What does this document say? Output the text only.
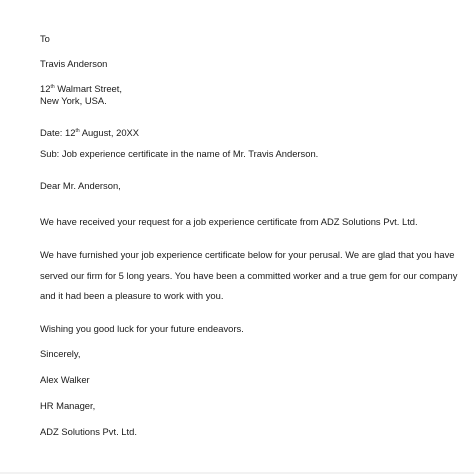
To
Travis Anderson
12th Walmart Street,
New York, USA.
Date: 12th August, 20XX
Sub: Job experience certificate in the name of Mr. Travis Anderson.
Dear Mr. Anderson,
We have received your request for a job experience certificate from ADZ Solutions Pvt. Ltd.
We have furnished your job experience certificate below for your perusal. We are glad that you have
served our firm for 5 long years. You have been a committed worker and a true gem for our company
and it had been a pleasure to work with you.
Wishing you good luck for your future endeavors.
Sincerely,
Alex Walker
HR Manager,
ADZ Solutions Pvt. Ltd.
